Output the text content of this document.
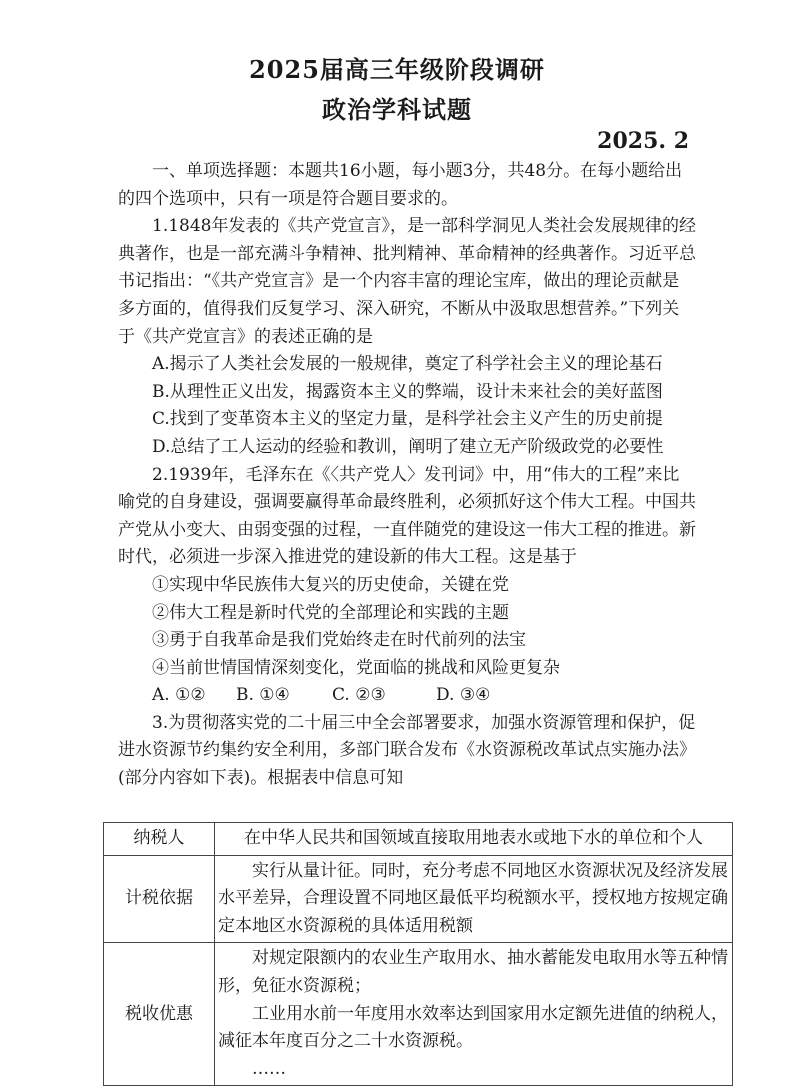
2025届高三年级阶段调研
政治学科试题
2025. 2

一、单项选择题：本题共16小题，每小题3分，共48分。在每小题给出的四个选项中，只有一项是符合题目要求的。

1.1848年发表的《共产党宣言》，是一部科学洞见人类社会发展规律的经典著作，也是一部充满斗争精神、批判精神、革命精神的经典著作。习近平总书记指出：“《共产党宣言》是一个内容丰富的理论宝库，做出的理论贡献是多方面的，值得我们反复学习、深入研究，不断从中汲取思想营养。”下列关于《共产党宣言》的表述正确的是

A.揭示了人类社会发展的一般规律，奠定了科学社会主义的理论基石

B.从理性正义出发，揭露资本主义的弊端，设计未来社会的美好蓝图

C.找到了变革资本主义的坚定力量，是科学社会主义产生的历史前提

D.总结了工人运动的经验和教训，阐明了建立无产阶级政党的必要性

2.1939年，毛泽东在《〈共产党人〉发刊词》中，用“伟大的工程”来比喻党的自身建设，强调要赢得革命最终胜利，必须抓好这个伟大工程。中国共产党从小变大、由弱变强的过程，一直伴随党的建设这一伟大工程的推进。新时代，必须进一步深入推进党的建设新的伟大工程。这是基于

①实现中华民族伟大复兴的历史使命，关键在党

②伟大工程是新时代党的全部理论和实践的主题

③勇于自我革命是我们党始终走在时代前列的法宝

④当前世情国情深刻变化，党面临的挑战和风险更复杂

A. ①② B. ①④ C. ②③	D. ③④

3.为贯彻落实党的二十届三中全会部署要求，加强水资源管理和保护，促进水资源节约集约安全利用，多部门联合发布《水资源税改革试点实施办法》(部分内容如下表)。根据表中信息可知

纳税人	在中华人民共和国领域直接取用地表水或地下水的单位和个人

计税依据	实行从量计征。同时，充分考虑不同地区水资源状况及经济发展水平差异，合理设置不同地区最低平均税额水平，授权地方按规定确定本地区水资源税的具体适用税额

税收优惠	对规定限额内的农业生产取用水、抽水蓄能发电取用水等五种情形，免征水资源税；

工业用水前一年度用水效率达到国家用水定额先进值的纳税人，减征本年度百分之二十水资源税。

……
